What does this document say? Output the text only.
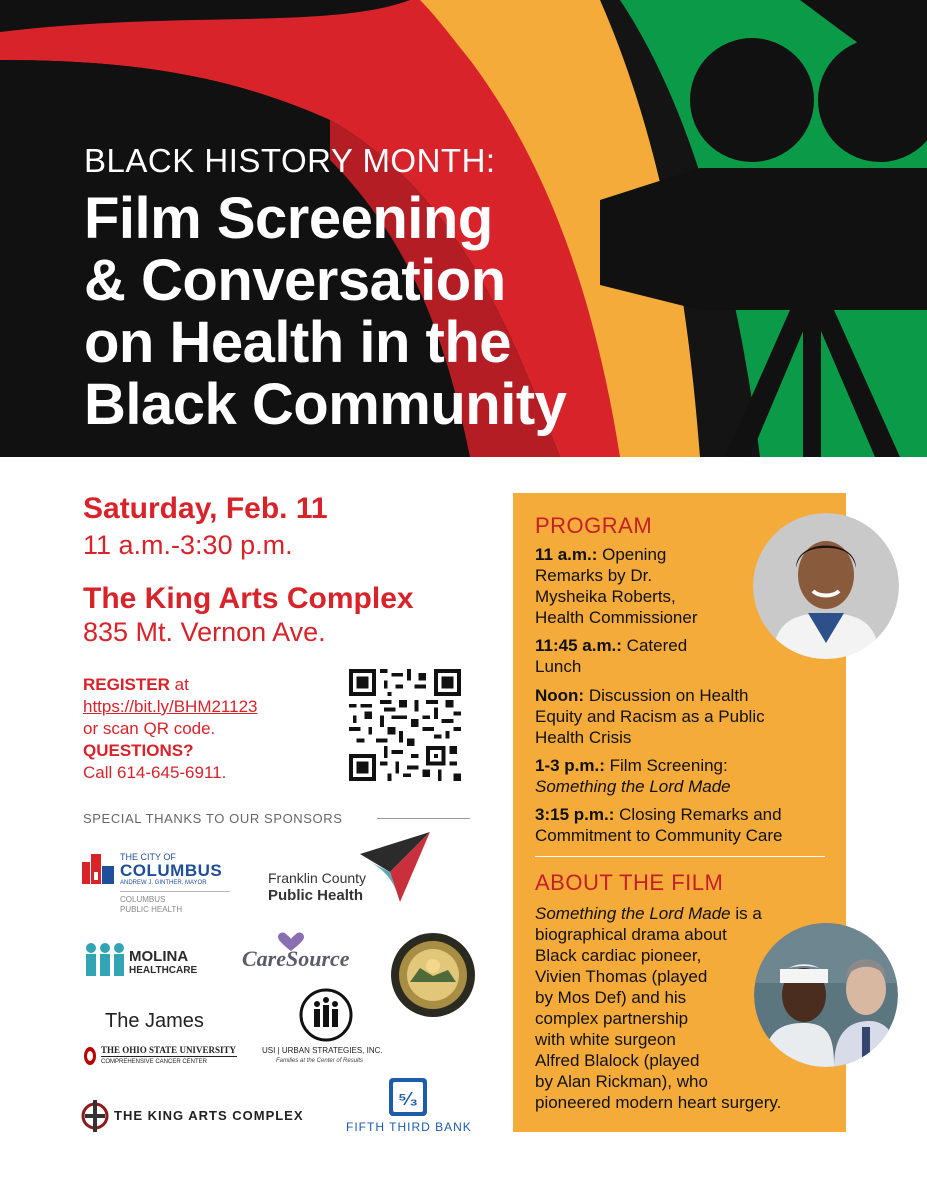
BLACK HISTORY MONTH:
Film Screening
& Conversation
on Health in the
Black Community
Saturday, Feb. 11
11 a.m.-3:30 p.m.
The King Arts Complex
835 Mt. Vernon Ave.
REGISTER at
https://bit.ly/BHM21123
or scan QR code.
QUESTIONS?
Call 614-645-6911.
SPECIAL THANKS TO OUR SPONSORS
THE CITY OF
COLUMBUS
ANDREW J. GINTHER, MAYOR
COLUMBUS
PUBLIC HEALTH
Franklin County
Public Health
MOLINA
HEALTHCARE CareSource
The James
THE OHIO STATE UNIVERSITY
COMPREHENSIVE CANCER CENTER
USI | URBAN STRATEGIES, INC.
Families at the Center of Results
THE KING ARTS COMPLEX
⁵⁄₃
FIFTH THIRD BANK
PROGRAM
11 a.m.: Opening
Remarks by Dr.
Mysheika Roberts,
Health Commissioner
11:45 a.m.: Catered
Lunch
Noon: Discussion on Health
Equity and Racism as a Public
Health Crisis
1-3 p.m.: Film Screening:
Something the Lord Made
3:15 p.m.: Closing Remarks and
Commitment to Community Care
ABOUT THE FILM
Something the Lord Made is a
biographical drama about
Black cardiac pioneer,
Vivien Thomas (played
by Mos Def) and his
complex partnership
with white surgeon
Alfred Blalock (played
by Alan Rickman), who
pioneered modern heart surgery.
